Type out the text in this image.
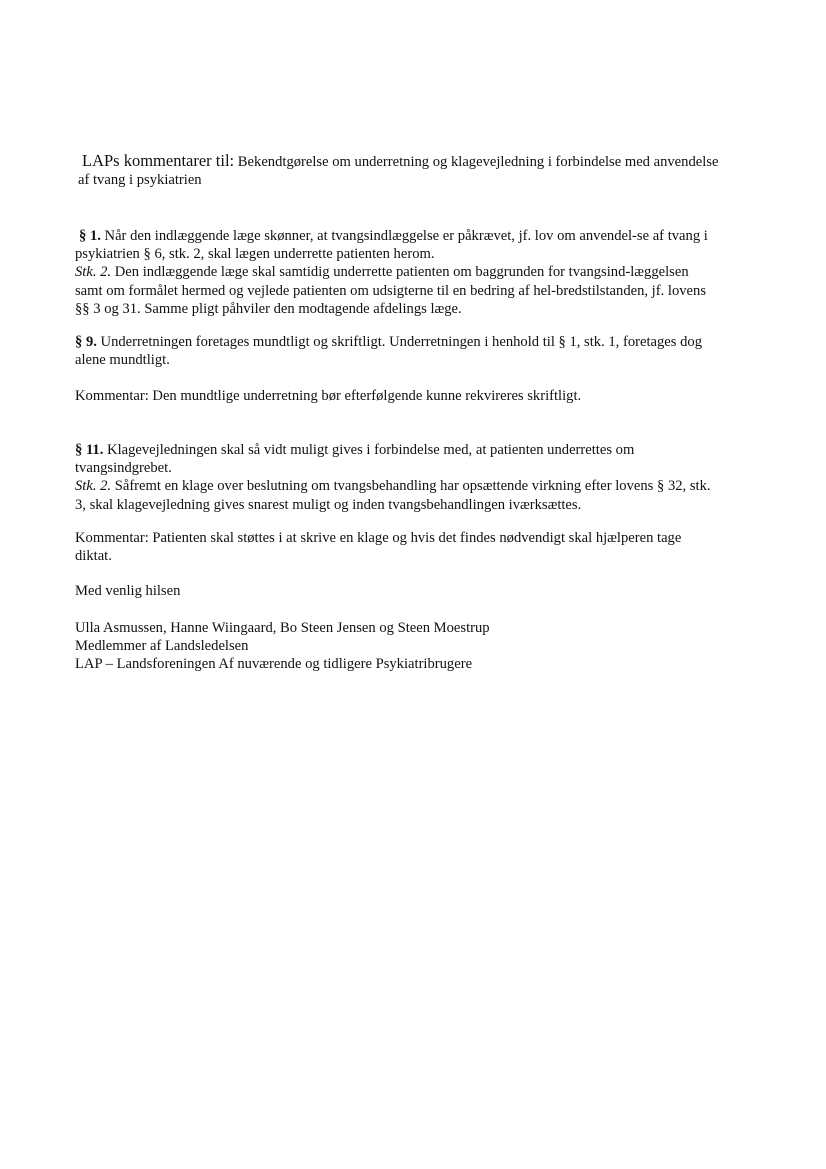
LAPs kommentarer til: Bekendtgørelse om underretning og klagevejledning i forbindelse med anvendelse
af tvang i psykiatrien
§ 1. Når den indlæggende læge skønner, at tvangsindlæggelse er påkrævet, jf. lov om anvendel-se af tvang i
psykiatrien § 6, stk. 2, skal lægen underrette patienten herom.
Stk. 2. Den indlæggende læge skal samtidig underrette patienten om baggrunden for tvangsind-læggelsen
samt om formålet hermed og vejlede patienten om udsigterne til en bedring af hel-bredstilstanden, jf. lovens
§§ 3 og 31. Samme pligt påhviler den modtagende afdelings læge.
§ 9. Underretningen foretages mundtligt og skriftligt. Underretningen i henhold til § 1, stk. 1, foretages dog
alene mundtligt.
Kommentar: Den mundtlige underretning bør efterfølgende kunne rekvireres skriftligt.
§ 11. Klagevejledningen skal så vidt muligt gives i forbindelse med, at patienten underrettes om
tvangsindgrebet.
Stk. 2. Såfremt en klage over beslutning om tvangsbehandling har opsættende virkning efter lovens § 32, stk.
3, skal klagevejledning gives snarest muligt og inden tvangsbehandlingen iværksættes.
Kommentar: Patienten skal støttes i at skrive en klage og hvis det findes nødvendigt skal hjælperen tage
diktat.
Med venlig hilsen
Ulla Asmussen, Hanne Wiingaard, Bo Steen Jensen og Steen Moestrup
Medlemmer af Landsledelsen
LAP – Landsforeningen Af nuværende og tidligere Psykiatribrugere
